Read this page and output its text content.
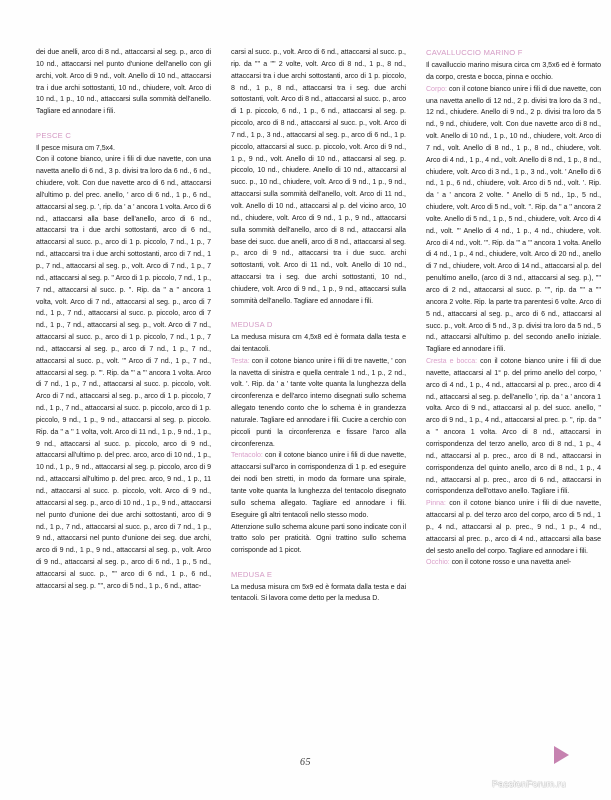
dei due anelli, arco di 8 nd., attaccarsi al seg. p., arco di 10 nd., attaccarsi nel punto d'unione dell'anello con gli archi, volt. Arco di 9 nd., volt. Anello di 10 nd., attaccarsi tra i due archi sottostanti, 10 nd., chiudere, volt. Arco di 10 nd., 1 p., 10 nd., attaccarsi sulla sommità dell'anello. Tagliare ed annodare i fili.

PESCE C

Il pesce misura cm 7,5x4.

Con il cotone bianco, unire i fili di due navette, con una navetta anello di 6 nd., 3 p. divisi tra loro da 6 nd., 6 nd., chiudere, volt. Con due navette arco di 6 nd., attaccarsi all'ultimo p. del prec. anello, ' arco di 6 nd., 1 p., 6 nd., attaccarsi al seg. p. ', rip. da ' a ' ancora 1 volta. Arco di 6 nd., attaccarsi alla base dell'anello, arco di 6 nd., attaccarsi tra i due archi sottostanti, arco di 6 nd., attaccarsi al succ. p., arco di 1 p. piccolo, 7 nd., 1 p., 7 nd., attaccarsi tra i due archi sottostanti, arco di 7 nd., 1 p., 7 nd., attaccarsi al seg. p., volt. Arco di 7 nd., 1 p., 7 nd., attaccarsi al seg. p. '' Arco di 1 p. piccolo, 7 nd., 1 p., 7 nd., attaccarsi al succ. p. ''. Rip. da '' a '' ancora 1 volta, volt. Arco di 7 nd., attaccarsi al seg. p., arco di 7 nd., 1 p., 7 nd., attaccarsi al succ. p. piccolo, arco di 7 nd., 1 p., 7 nd., attaccarsi al seg. p., volt. Arco di 7 nd., attaccarsi al succ. p., arco di 1 p. piccolo, 7 nd., 1 p., 7 nd., attaccarsi al seg. p., arco di 7 nd., 1 p., 7 nd., attaccarsi al succ. p., volt. ''' Arco di 7 nd., 1 p., 7 nd., attaccarsi al seg. p. '''. Rip. da ''' a ''' ancora 1 volta. Arco di 7 nd., 1 p., 7 nd., attaccarsi al succ. p. piccolo, volt. Arco di 7 nd., attaccarsi al seg. p., arco di 1 p. piccolo, 7 nd., 1 p., 7 nd., attaccarsi al succ. p. piccolo, arco di 1 p. piccolo, 9 nd., 1 p., 9 nd., attaccarsi al seg. p. piccolo. Rip. da '' a '' 1 volta, volt. Arco di 11 nd., 1 p., 9 nd., 1 p., 9 nd., attaccarsi al succ. p. piccolo, arco di 9 nd., attaccarsi all'ultimo p. del prec. arco, arco di 10 nd., 1 p., 10 nd., 1 p., 9 nd., attaccarsi al seg. p. piccolo, arco di 9 nd., attaccarsi all'ultimo p. del prec. arco, 9 nd., 1 p., 11 nd., attaccarsi al succ. p. piccolo, volt. Arco di 9 nd., attaccarsi al seg. p., arco di 10 nd., 1 p., 9 nd., attaccarsi nel punto d'unione dei due archi sottostanti, arco di 9 nd., 1 p., 7 nd., attaccarsi al succ. p., arco di 7 nd., 1 p., 9 nd., attaccarsi nel punto d'unione dei seg. due archi, arco di 9 nd., 1 p., 9 nd., attaccarsi al seg. p., volt. Arco di 9 nd., attaccarsi al seg. p., arco di 6 nd., 1 p., 5 nd., attaccarsi al succ. p., '''' arco di 6 nd., 1 p., 6 nd., attaccarsi al seg. p. '''', arco di 5 nd., 1 p., 6 nd., attac-

carsi al succ. p., volt. Arco di 6 nd., attaccarsi al succ. p., rip. da '''' a '''' 2 volte, volt. Arco di 8 nd., 1 p., 8 nd., attaccarsi tra i due archi sottostanti, arco di 1 p. piccolo, 8 nd., 1 p., 8 nd., attaccarsi tra i seg. due archi sottostanti, volt. Arco di 8 nd., attaccarsi al succ. p., arco di 1 p. piccolo, 6 nd., 1 p., 6 nd., attaccarsi al seg. p. piccolo, arco di 8 nd., attaccarsi al succ. p., volt. Arco di 7 nd., 1 p., 3 nd., attaccarsi al seg. p., arco di 6 nd., 1 p. piccolo, attaccarsi al succ. p. piccolo, volt. Arco di 9 nd., 1 p., 9 nd., volt. Anello di 10 nd., attaccarsi al seg. p. piccolo, 10 nd., chiudere. Anello di 10 nd., attaccarsi al succ. p., 10 nd., chiudere, volt. Arco di 9 nd., 1 p., 9 nd., attaccarsi sulla sommità dell'anello, volt. Arco di 11 nd., volt. Anello di 10 nd., attaccarsi al p. del vicino arco, 10 nd., chiudere, volt. Arco di 9 nd., 1 p., 9 nd., attaccarsi sulla sommità dell'anello, arco di 8 nd., attaccarsi alla base dei succ. due anelli, arco di 8 nd., attaccarsi al seg. p., arco di 9 nd., attaccarsi tra i due succ. archi sottostanti, volt. Arco di 11 nd., volt. Anello di 10 nd., attaccarsi tra i seg. due archi sottostanti, 10 nd., chiudere, volt. Arco di 9 nd., 1 p., 9 nd., attaccarsi sulla sommità dell'anello. Tagliare ed annodare i fili.

MEDUSA D

La medusa misura cm 4,5x8 ed è formata dalla testa e dai tentacoli.

Testa: con il cotone bianco unire i fili di tre navette, ' con la navetta di sinistra e quella centrale 1 nd., 1 p., 2 nd., volt. '. Rip. da ' a ' tante volte quanta la lunghezza della circonferenza e dell'arco interno disegnati sullo schema allegato tenendo conto che lo schema è in grandezza naturale. Tagliare ed annodare i fili. Cucire a cerchio con piccoli punti la circonferenza e fissare l'arco alla circonferenza.

Tentacolo: con il cotone bianco unire i fili di due navette, attaccarsi sull'arco in corrispondenza di 1 p. ed eseguire dei nodi ben stretti, in modo da formare una spirale, tante volte quanta la lunghezza del tentacolo disegnato sullo schema allegato. Tagliare ed annodare i fili. Eseguire gli altri tentacoli nello stesso modo.

Attenzione sullo schema alcune parti sono indicate con il tratto solo per praticità. Ogni trattino sullo schema corrisponde ad 1 picot.

MEDUSA E

La medusa misura cm 5x9 ed è formata dalla testa e dai tentacoli. Si lavora come detto per la medusa D.

CAVALLUCCIO MARINO F

Il cavalluccio marino misura circa cm 3,5x6 ed è formato da corpo, cresta e bocca, pinna e occhio.

Corpo: con il cotone bianco unire i fili di due navette, con una navetta anello di 12 nd., 2 p. divisi tra loro da 3 nd., 12 nd., chiudere. Anello di 9 nd., 2 p. divisi tra loro da 5 nd., 9 nd., chiudere, volt. Con due navette arco di 8 nd., volt. Anello di 10 nd., 1 p., 10 nd., chiudere, volt. Arco di 7 nd., volt. Anello di 8 nd., 1 p., 8 nd., chiudere, volt. Arco di 4 nd., 1 p., 4 nd., volt. Anello di 8 nd., 1 p., 8 nd., chiudere, volt. Arco di 3 nd., 1 p., 3 nd., volt. ' Anello di 6 nd., 1 p., 6 nd., chiudere, volt. Arco di 5 nd., volt. '. Rip. da ' a ' ancora 2 volte. '' Anello di 5 nd., 1p., 5 nd., chiudere, volt. Arco di 5 nd., volt. ''. Rip. da '' a '' ancora 2 volte. Anello di 5 nd., 1 p., 5 nd., chiudere, volt. Arco di 4 nd., volt. ''' Anello di 4 nd., 1 p., 4 nd., chiudere, volt. Arco di 4 nd., volt. '''. Rip. da ''' a ''' ancora 1 volta. Anello di 4 nd., 1 p., 4 nd., chiudere, volt. Arco di 20 nd., anello di 7 nd., chiudere, volt. Arco di 14 nd., attaccarsi al p. del penultimo anello, (arco di 3 nd., attaccarsi al seg. p.), '''' arco di 2 nd., attaccarsi al succ. p. '''', rip. da '''' a '''' ancora 2 volte. Rip. la parte tra parentesi 6 volte. Arco di 5 nd., attaccarsi al seg. p., arco di 6 nd., attaccarsi al succ. p., volt. Arco di 5 nd., 3 p. divisi tra loro da 5 nd., 5 nd., attaccarsi all'ultimo p. del secondo anello iniziale. Tagliare ed annodare i fili.

Cresta e bocca: con il cotone bianco unire i fili di due navette, attaccarsi al 1° p. del primo anello del corpo, ' arco di 4 nd., 1 p., 4 nd., attaccarsi al p. prec., arco di 4 nd., attaccarsi al seg. p. dell'anello ', rip. da ' a ' ancora 1 volta. Arco di 9 nd., attaccarsi al p. del succ. anello, '' arco di 9 nd., 1 p., 4 nd., attaccarsi al prec. p. '', rip. da '' a '' ancora 1 volta. Arco di 8 nd., attaccarsi in corrispondenza del terzo anello, arco di 8 nd., 1 p., 4 nd., attaccarsi al p. prec., arco di 8 nd., attaccarsi in corrispondenza del quinto anello, arco di 8 nd., 1 p., 4 nd., attaccarsi al p. prec., arco di 6 nd., attaccarsi in corrispondenza dell'ottavo anello. Tagliare i fili.

Pinna: con il cotone bianco unire i fili di due navette, attaccarsi al p. del terzo arco del corpo, arco di 5 nd., 1 p., 4 nd., attaccarsi al p. prec., 9 nd., 1 p., 4 nd., attaccarsi al prec. p., arco di 4 nd., attaccarsi alla base del sesto anello del corpo. Tagliare ed annodare i fili.

Occhio: con il cotone rosso e una navetta anel-

65
PassionForum.ru
